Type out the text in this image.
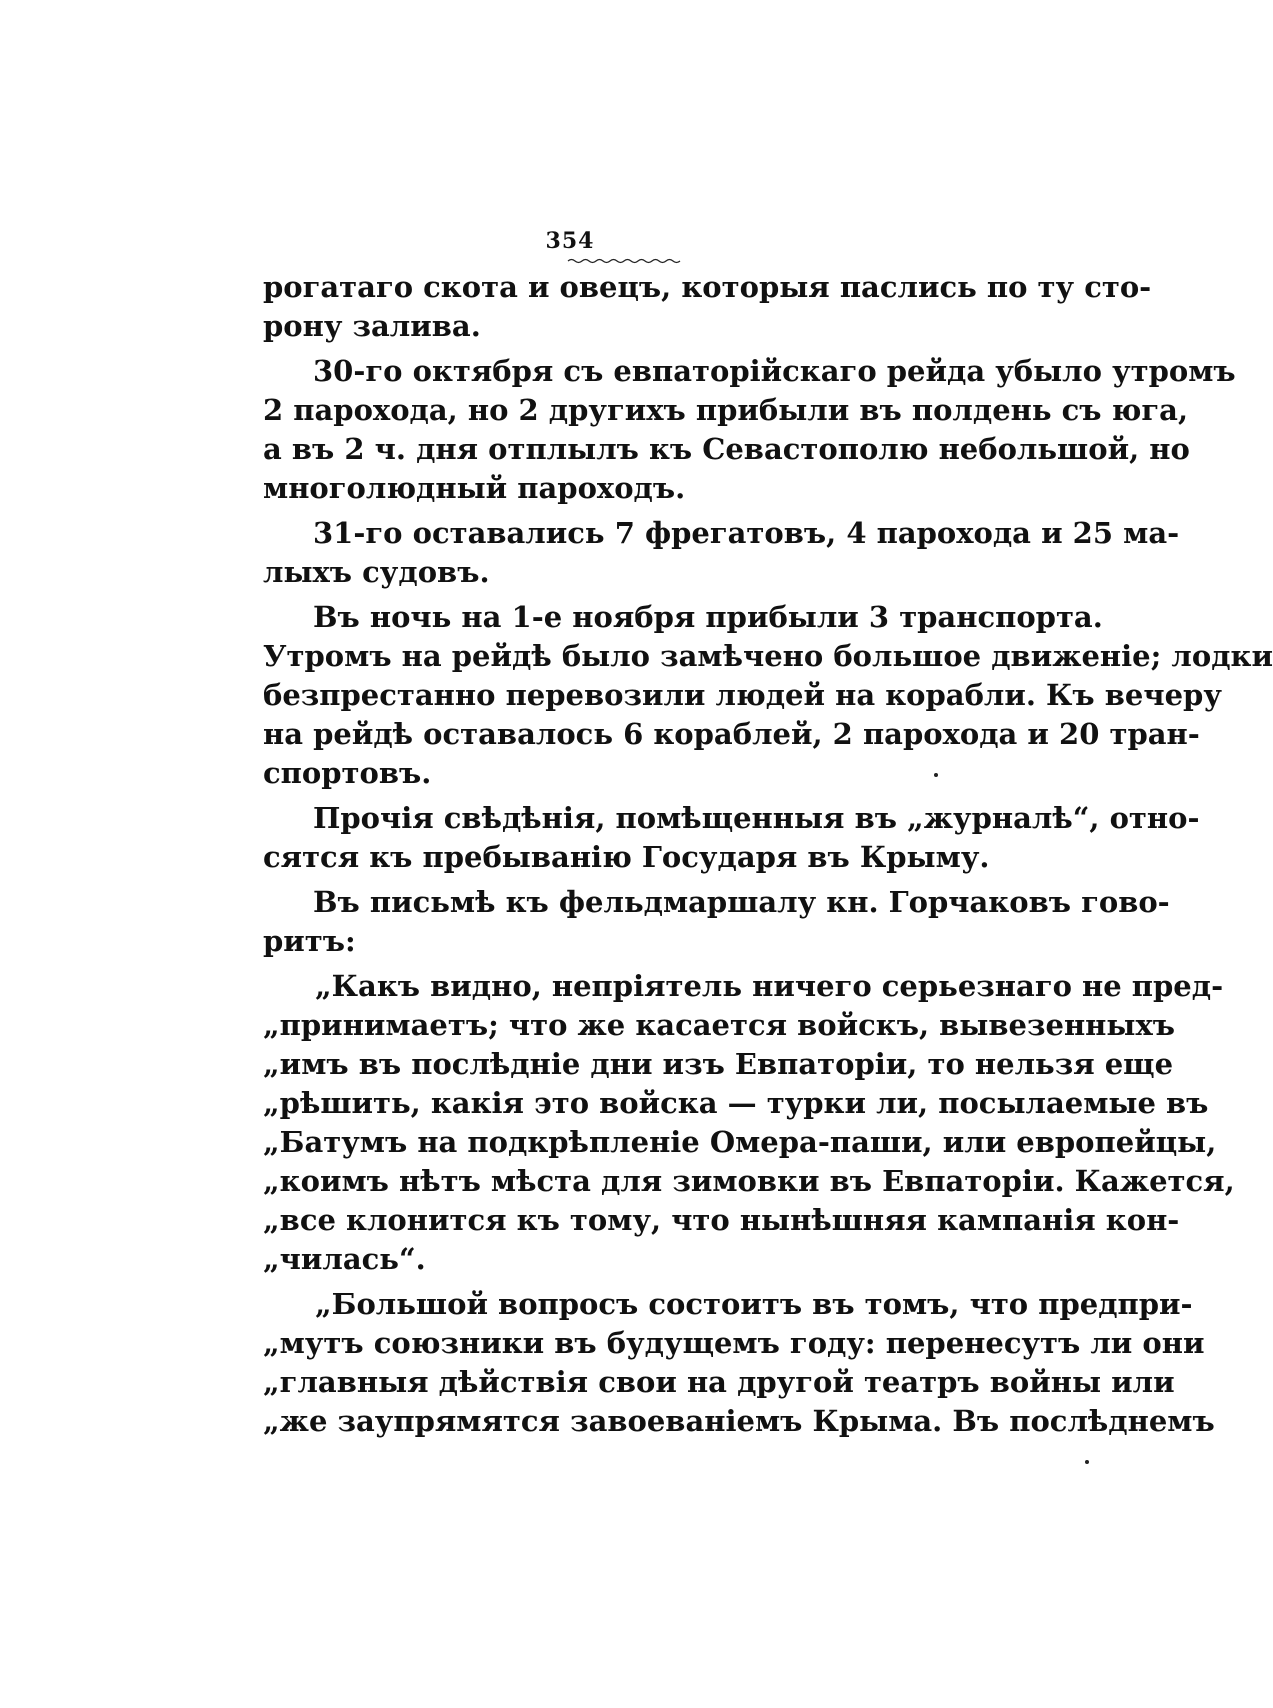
354
рогатаго скота и овецъ, которыя паслись по ту сто-
рону залива.
30-го октября съ евпаторійскаго рейда убыло утромъ
2 парохода, но 2 другихъ прибыли въ полдень съ юга,
а въ 2 ч. дня отплылъ къ Севастополю небольшой, но
многолюдный пароходъ.
31-го оставались 7 фрегатовъ, 4 парохода и 25 ма-
лыхъ судовъ.
Въ ночь на 1-е ноября прибыли 3 транспорта.
Утромъ на рейдѣ было замѣчено большое движеніе; лодки
безпрестанно перевозили людей на корабли. Къ вечеру
на рейдѣ оставалось 6 кораблей, 2 парохода и 20 тран-
спортовъ.
Прочія свѣдѣнія, помѣщенныя въ „журналѣ“, отно-
сятся къ пребыванію Государя въ Крыму.
Въ письмѣ къ фельдмаршалу кн. Горчаковъ гово-
ритъ:
„Какъ видно, непріятель ничего серьезнаго не пред-
„принимаетъ; что же касается войскъ, вывезенныхъ
„имъ въ послѣдніе дни изъ Евпаторіи, то нельзя еще
„рѣшить, какія это войска — турки ли, посылаемые въ
„Батумъ на подкрѣпленіе Омера-паши, или европейцы,
„коимъ нѣтъ мѣста для зимовки въ Евпаторіи. Кажется,
„все клонится къ тому, что нынѣшняя кампанія кон-
„чилась“.
„Большой вопросъ состоитъ въ томъ, что предпри-
„мутъ союзники въ будущемъ году: перенесутъ ли они
„главныя дѣйствія свои на другой театръ войны или
„же заупрямятся завоеваніемъ Крыма. Въ послѣднемъ
